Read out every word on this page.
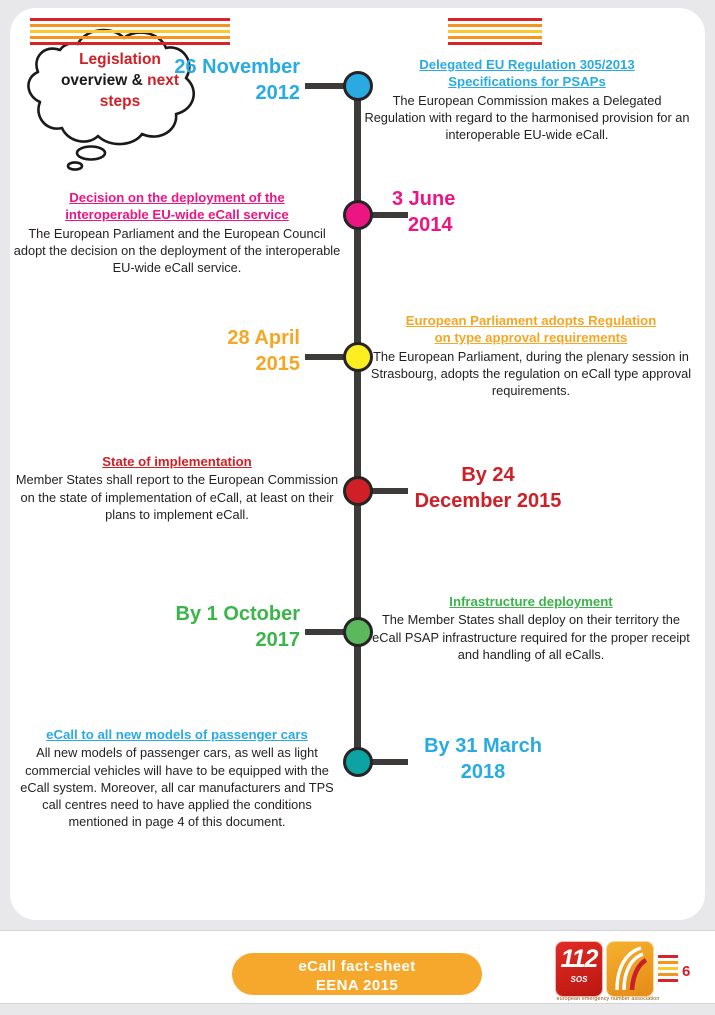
Legislation
overview & next
steps
26 November
2012
Delegated EU Regulation 305/2013
Specifications for PSAPs
The European Commission makes a Delegated Regulation with regard to the harmonised provision for an interoperable EU-wide eCall.
3 June
2014
Decision on the deployment of the
interoperable EU-wide eCall service
The European Parliament and the European Council adopt the decision on the deployment of the interoperable EU-wide eCall service.
28 April
2015
European Parliament adopts Regulation
on type approval requirements
The European Parliament, during the plenary session in Strasbourg, adopts the regulation on eCall type approval requirements.
By 24
December 2015
State of implementation
Member States shall report to the European Commission on the state of implementation of eCall, at least on their plans to implement eCall.
By 1 October
2017
Infrastructure deployment
The Member States shall deploy on their territory the eCall PSAP infrastructure required for the proper receipt and handling of all eCalls.
By 31 March
2018
eCall to all new models of passenger cars
All new models of passenger cars, as well as light commercial vehicles will have to be equipped with the eCall system. Moreover, all car manufacturers and TPS call centres need to have applied the conditions mentioned in page 4 of this document.
eCall fact-sheet
EENA 2015
112
SOS
european emergency number association
6
